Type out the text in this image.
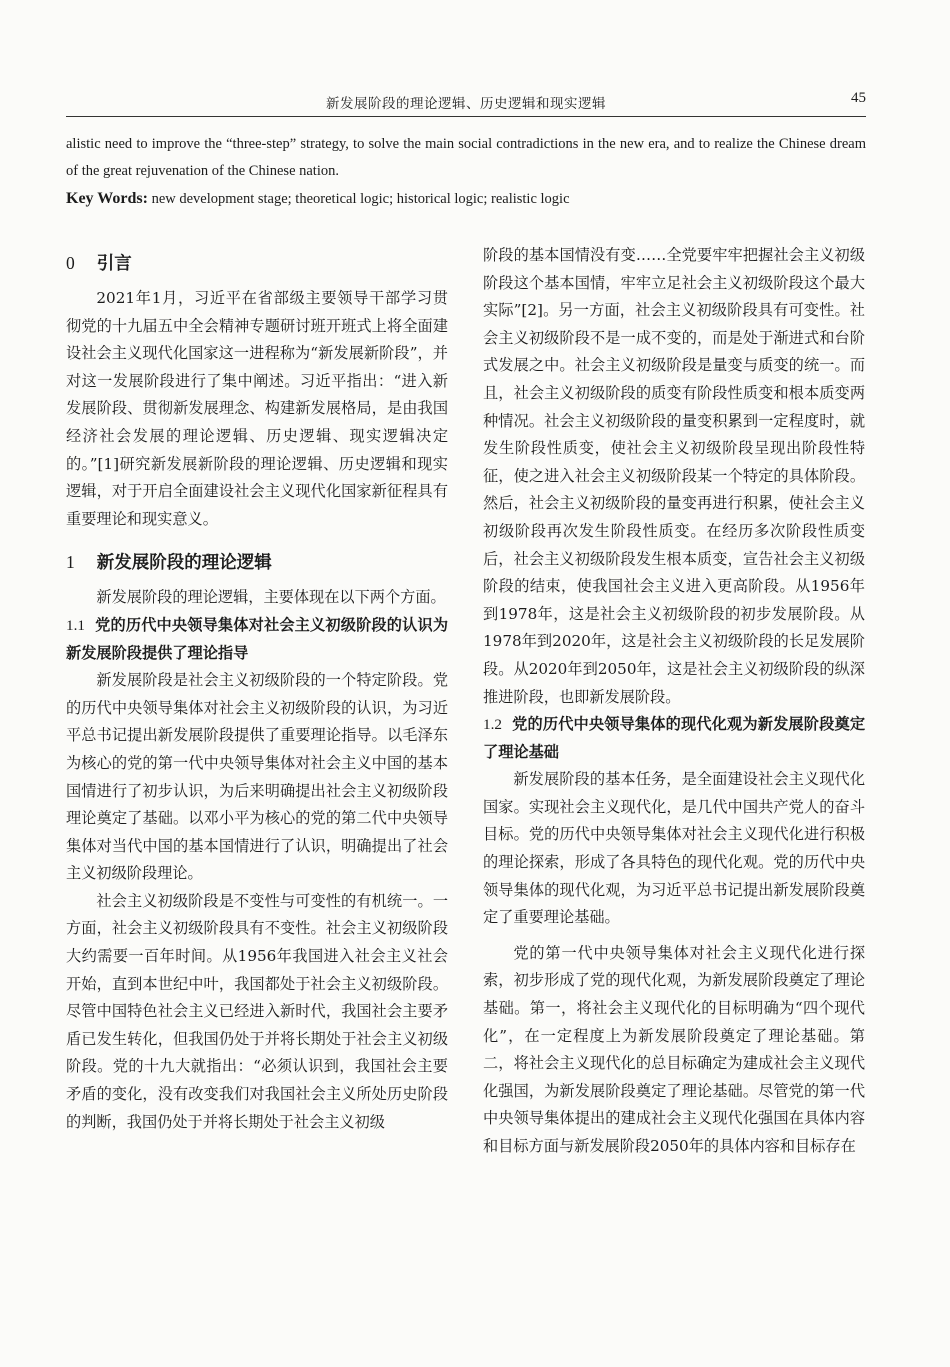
新发展阶段的理论逻辑、历史逻辑和现实逻辑	45
alistic need to improve the “three-step” strategy, to solve the main social contradictions in the new era, and to realize the Chinese dream of the great rejuvenation of the Chinese nation.
Key Words: new development stage; theoretical logic; historical logic; realistic logic
0 引言

2021年1月，习近平在省部级主要领导干部学习贯彻党的十九届五中全会精神专题研讨班开班式上将全面建设社会主义现代化国家这一进程称为“新发展新阶段”，并对这一发展阶段进行了集中阐述。习近平指出：“进入新发展阶段、贯彻新发展理念、构建新发展格局，是由我国经济社会发展的理论逻辑、历史逻辑、现实逻辑决定的。”[1]研究新发展新阶段的理论逻辑、历史逻辑和现实逻辑，对于开启全面建设社会主义现代化国家新征程具有重要理论和现实意义。

1 新发展阶段的理论逻辑

新发展阶段的理论逻辑，主要体现在以下两个方面。

1.1 党的历代中央领导集体对社会主义初级阶段的认识为新发展阶段提供了理论指导

新发展阶段是社会主义初级阶段的一个特定阶段。党的历代中央领导集体对社会主义初级阶段的认识，为习近平总书记提出新发展阶段提供了重要理论指导。以毛泽东为核心的党的第一代中央领导集体对社会主义中国的基本国情进行了初步认识，为后来明确提出社会主义初级阶段理论奠定了基础。以邓小平为核心的党的第二代中央领导集体对当代中国的基本国情进行了认识，明确提出了社会主义初级阶段理论。

社会主义初级阶段是不变性与可变性的有机统一。一方面，社会主义初级阶段具有不变性。社会主义初级阶段大约需要一百年时间。从1956年我国进入社会主义社会开始，直到本世纪中叶，我国都处于社会主义初级阶段。尽管中国特色社会主义已经进入新时代，我国社会主要矛盾已发生转化，但我国仍处于并将长期处于社会主义初级阶段。党的十九大就指出：“必须认识到，我国社会主要矛盾的变化，没有改变我们对我国社会主义所处历史阶段的判断，我国仍处于并将长期处于社会主义初级

阶段的基本国情没有变……全党要牢牢把握社会主义初级阶段这个基本国情，牢牢立足社会主义初级阶段这个最大实际”[2]。另一方面，社会主义初级阶段具有可变性。社会主义初级阶段不是一成不变的，而是处于渐进式和台阶式发展之中。社会主义初级阶段是量变与质变的统一。而且，社会主义初级阶段的质变有阶段性质变和根本质变两种情况。社会主义初级阶段的量变积累到一定程度时，就发生阶段性质变，使社会主义初级阶段呈现出阶段性特征，使之进入社会主义初级阶段某一个特定的具体阶段。然后，社会主义初级阶段的量变再进行积累，使社会主义初级阶段再次发生阶段性质变。在经历多次阶段性质变后，社会主义初级阶段发生根本质变，宣告社会主义初级阶段的结束，使我国社会主义进入更高阶段。从1956年到1978年，这是社会主义初级阶段的初步发展阶段。从1978年到2020年，这是社会主义初级阶段的长足发展阶段。从2020年到2050年，这是社会主义初级阶段的纵深推进阶段，也即新发展阶段。

1.2 党的历代中央领导集体的现代化观为新发展阶段奠定了理论基础

新发展阶段的基本任务，是全面建设社会主义现代化国家。实现社会主义现代化，是几代中国共产党人的奋斗目标。党的历代中央领导集体对社会主义现代化进行积极的理论探索，形成了各具特色的现代化观。党的历代中央领导集体的现代化观，为习近平总书记提出新发展阶段奠定了重要理论基础。

党的第一代中央领导集体对社会主义现代化进行探索，初步形成了党的现代化观，为新发展阶段奠定了理论基础。第一，将社会主义现代化的目标明确为“四个现代化”，在一定程度上为新发展阶段奠定了理论基础。第二，将社会主义现代化的总目标确定为建成社会主义现代化强国，为新发展阶段奠定了理论基础。尽管党的第一代中央领导集体提出的建成社会主义现代化强国在具体内容和目标方面与新发展阶段2050年的具体内容和目标存在
